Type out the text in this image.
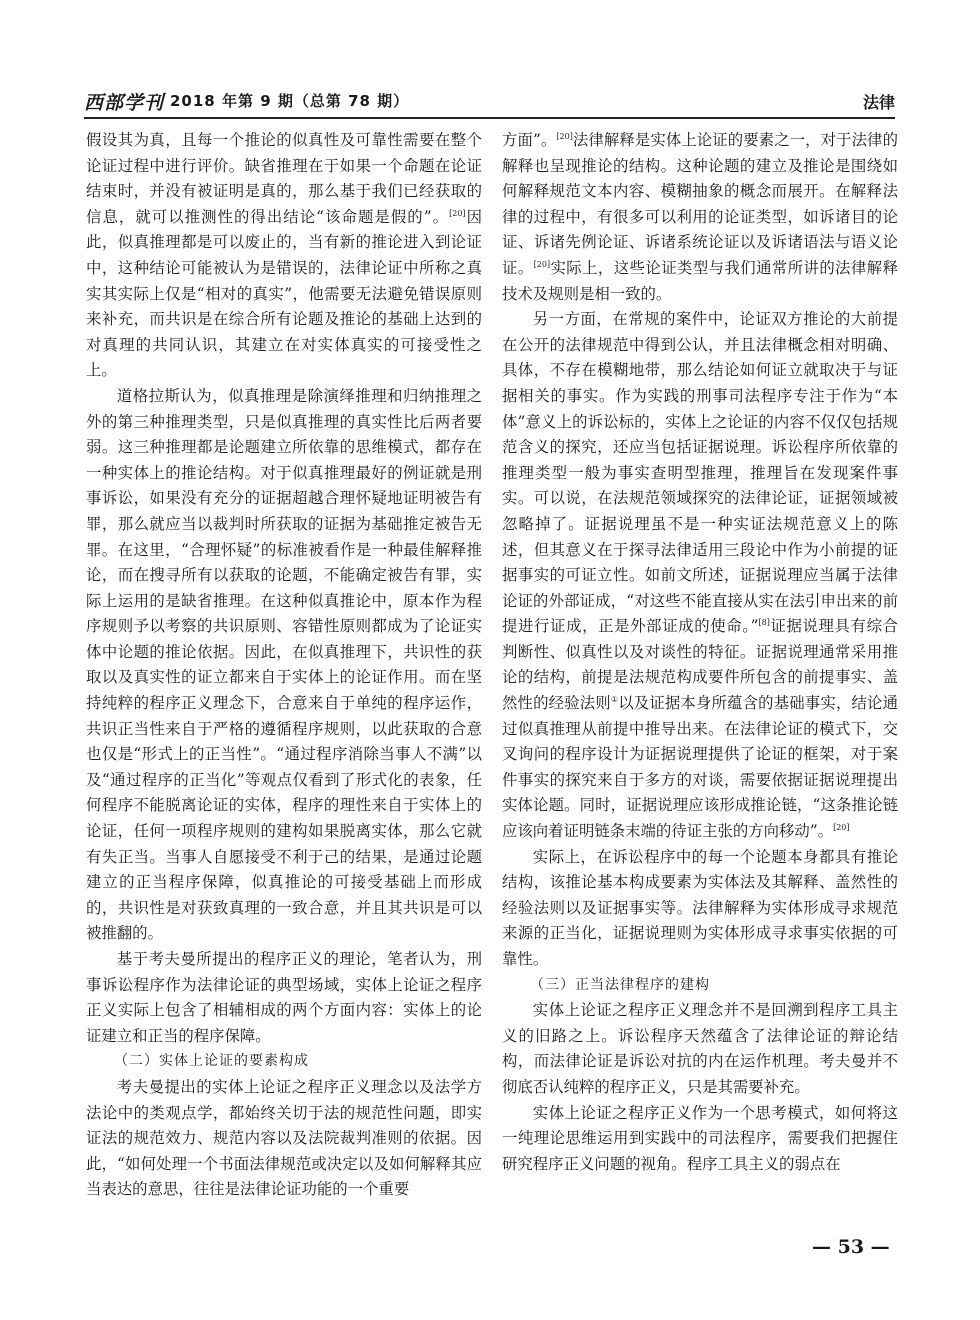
西部学刊 2018 年第 9 期（总第 78 期）	法律

假设其为真，且每一个推论的似真性及可靠性需要在整个论证过程中进行评价。缺省推理在于如果一个命题在论证结束时，并没有被证明是真的，那么基于我们已经获取的信息，就可以推测性的得出结论“该命题是假的”。[20]因此，似真推理都是可以废止的，当有新的推论进入到论证中，这种结论可能被认为是错误的，法律论证中所称之真实其实际上仅是“相对的真实”，他需要无法避免错误原则来补充，而共识是在综合所有论题及推论的基础上达到的对真理的共同认识，其建立在对实体真实的可接受性之上。

道格拉斯认为，似真推理是除演绎推理和归纳推理之外的第三种推理类型，只是似真推理的真实性比后两者要弱。这三种推理都是论题建立所依靠的思维模式，都存在一种实体上的推论结构。对于似真推理最好的例证就是刑事诉讼，如果没有充分的证据超越合理怀疑地证明被告有罪，那么就应当以裁判时所获取的证据为基础推定被告无罪。在这里，“合理怀疑”的标准被看作是一种最佳解释推论，而在搜寻所有以获取的论题，不能确定被告有罪，实际上运用的是缺省推理。在这种似真推论中，原本作为程序规则予以考察的共识原则、容错性原则都成为了论证实体中论题的推论依据。因此，在似真推理下，共识性的获取以及真实性的证立都来自于实体上的论证作用。而在坚持纯粹的程序正义理念下，合意来自于单纯的程序运作，共识正当性来自于严格的遵循程序规则，以此获取的合意也仅是“形式上的正当性”。“通过程序消除当事人不满”以及“通过程序的正当化”等观点仅看到了形式化的表象，任何程序不能脱离论证的实体，程序的理性来自于实体上的论证，任何一项程序规则的建构如果脱离实体，那么它就有失正当。当事人自愿接受不利于己的结果，是通过论题建立的正当程序保障，似真推论的可接受基础上而形成的，共识性是对获致真理的一致合意，并且其共识是可以被推翻的。

基于考夫曼所提出的程序正义的理论，笔者认为，刑事诉讼程序作为法律论证的典型场域，实体上论证之程序正义实际上包含了相辅相成的两个方面内容：实体上的论证建立和正当的程序保障。

（二）实体上论证的要素构成

考夫曼提出的实体上论证之程序正义理念以及法学方法论中的类观点学，都始终关切于法的规范性问题，即实证法的规范效力、规范内容以及法院裁判准则的依据。因此，“如何处理一个书面法律规范或决定以及如何解释其应当表达的意思，往往是法律论证功能的一个重要

方面”。[20]法律解释是实体上论证的要素之一，对于法律的解释也呈现推论的结构。这种论题的建立及推论是围绕如何解释规范文本内容、模糊抽象的概念而展开。在解释法律的过程中，有很多可以利用的论证类型，如诉诸目的论证、诉诸先例论证、诉诸系统论证以及诉诸语法与语义论证。[20]实际上，这些论证类型与我们通常所讲的法律解释技术及规则是相一致的。

另一方面，在常规的案件中，论证双方推论的大前提在公开的法律规范中得到公认，并且法律概念相对明确、具体，不存在模糊地带，那么结论如何证立就取决于与证据相关的事实。作为实践的刑事司法程序专注于作为“本体”意义上的诉讼标的，实体上之论证的内容不仅仅包括规范含义的探究，还应当包括证据说理。诉讼程序所依靠的推理类型一般为事实查明型推理，推理旨在发现案件事实。可以说，在法规范领域探究的法律论证，证据领域被忽略掉了。证据说理虽不是一种实证法规范意义上的陈述，但其意义在于探寻法律适用三段论中作为小前提的证据事实的可证立性。如前文所述，证据说理应当属于法律论证的外部证成，“对这些不能直接从实在法引申出来的前提进行证成，正是外部证成的使命。”[8]证据说理具有综合判断性、似真性以及对谈性的特征。证据说理通常采用推论的结构，前提是法规范构成要件所包含的前提事实、盖然性的经验法则①以及证据本身所蕴含的基础事实，结论通过似真推理从前提中推导出来。在法律论证的模式下，交叉询问的程序设计为证据说理提供了论证的框架，对于案件事实的探究来自于多方的对谈，需要依据证据说理提出实体论题。同时，证据说理应该形成推论链，“这条推论链应该向着证明链条末端的待证主张的方向移动”。[20]

实际上，在诉讼程序中的每一个论题本身都具有推论结构，该推论基本构成要素为实体法及其解释、盖然性的经验法则以及证据事实等。法律解释为实体形成寻求规范来源的正当化，证据说理则为实体形成寻求事实依据的可靠性。

（三）正当法律程序的建构

实体上论证之程序正义理念并不是回溯到程序工具主义的旧路之上。诉讼程序天然蕴含了法律论证的辩论结构，而法律论证是诉讼对抗的内在运作机理。考夫曼并不彻底否认纯粹的程序正义，只是其需要补充。

实体上论证之程序正义作为一个思考模式，如何将这一纯理论思维运用到实践中的司法程序，需要我们把握住研究程序正义问题的视角。程序工具主义的弱点在

— 53 —
